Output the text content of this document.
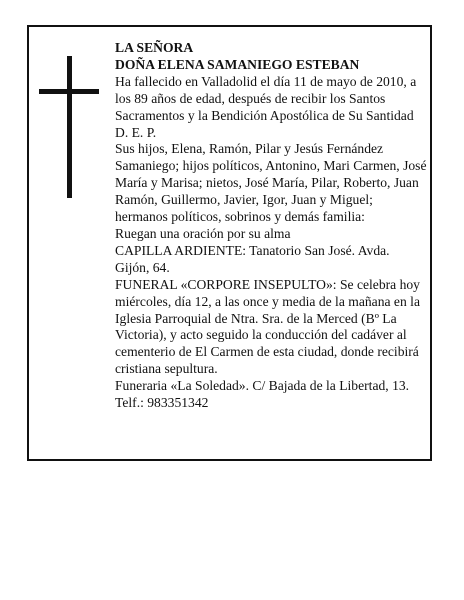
LA SEÑORA

DOÑA ELENA SAMANIEGO ESTEBAN

Ha fallecido en Valladolid el día 11 de mayo de 2010, a los 89 años de edad, después de recibir los Santos Sacramentos y la Bendición Apostólica de Su Santidad D. E. P.

Sus hijos, Elena, Ramón, Pilar y Jesús Fernández Samaniego; hijos políticos, Antonino, Mari Carmen, José María y Marisa; nietos, José María, Pilar, Roberto, Juan Ramón, Guillermo, Javier, Igor, Juan y Miguel; hermanos políticos, sobrinos y demás familia:

Ruegan una oración por su alma

CAPILLA ARDIENTE: Tanatorio San José. Avda. Gijón, 64.

FUNERAL «CORPORE INSEPULTO»: Se celebra hoy miércoles, día 12, a las once y media de la mañana en la Iglesia Parroquial de Ntra. Sra. de la Merced (Bº La Victoria), y acto seguido la conducción del cadáver al cementerio de El Carmen de esta ciudad, donde recibirá cristiana sepultura.

Funeraria «La Soledad». C/ Bajada de la Libertad, 13. Telf.: 983351342
